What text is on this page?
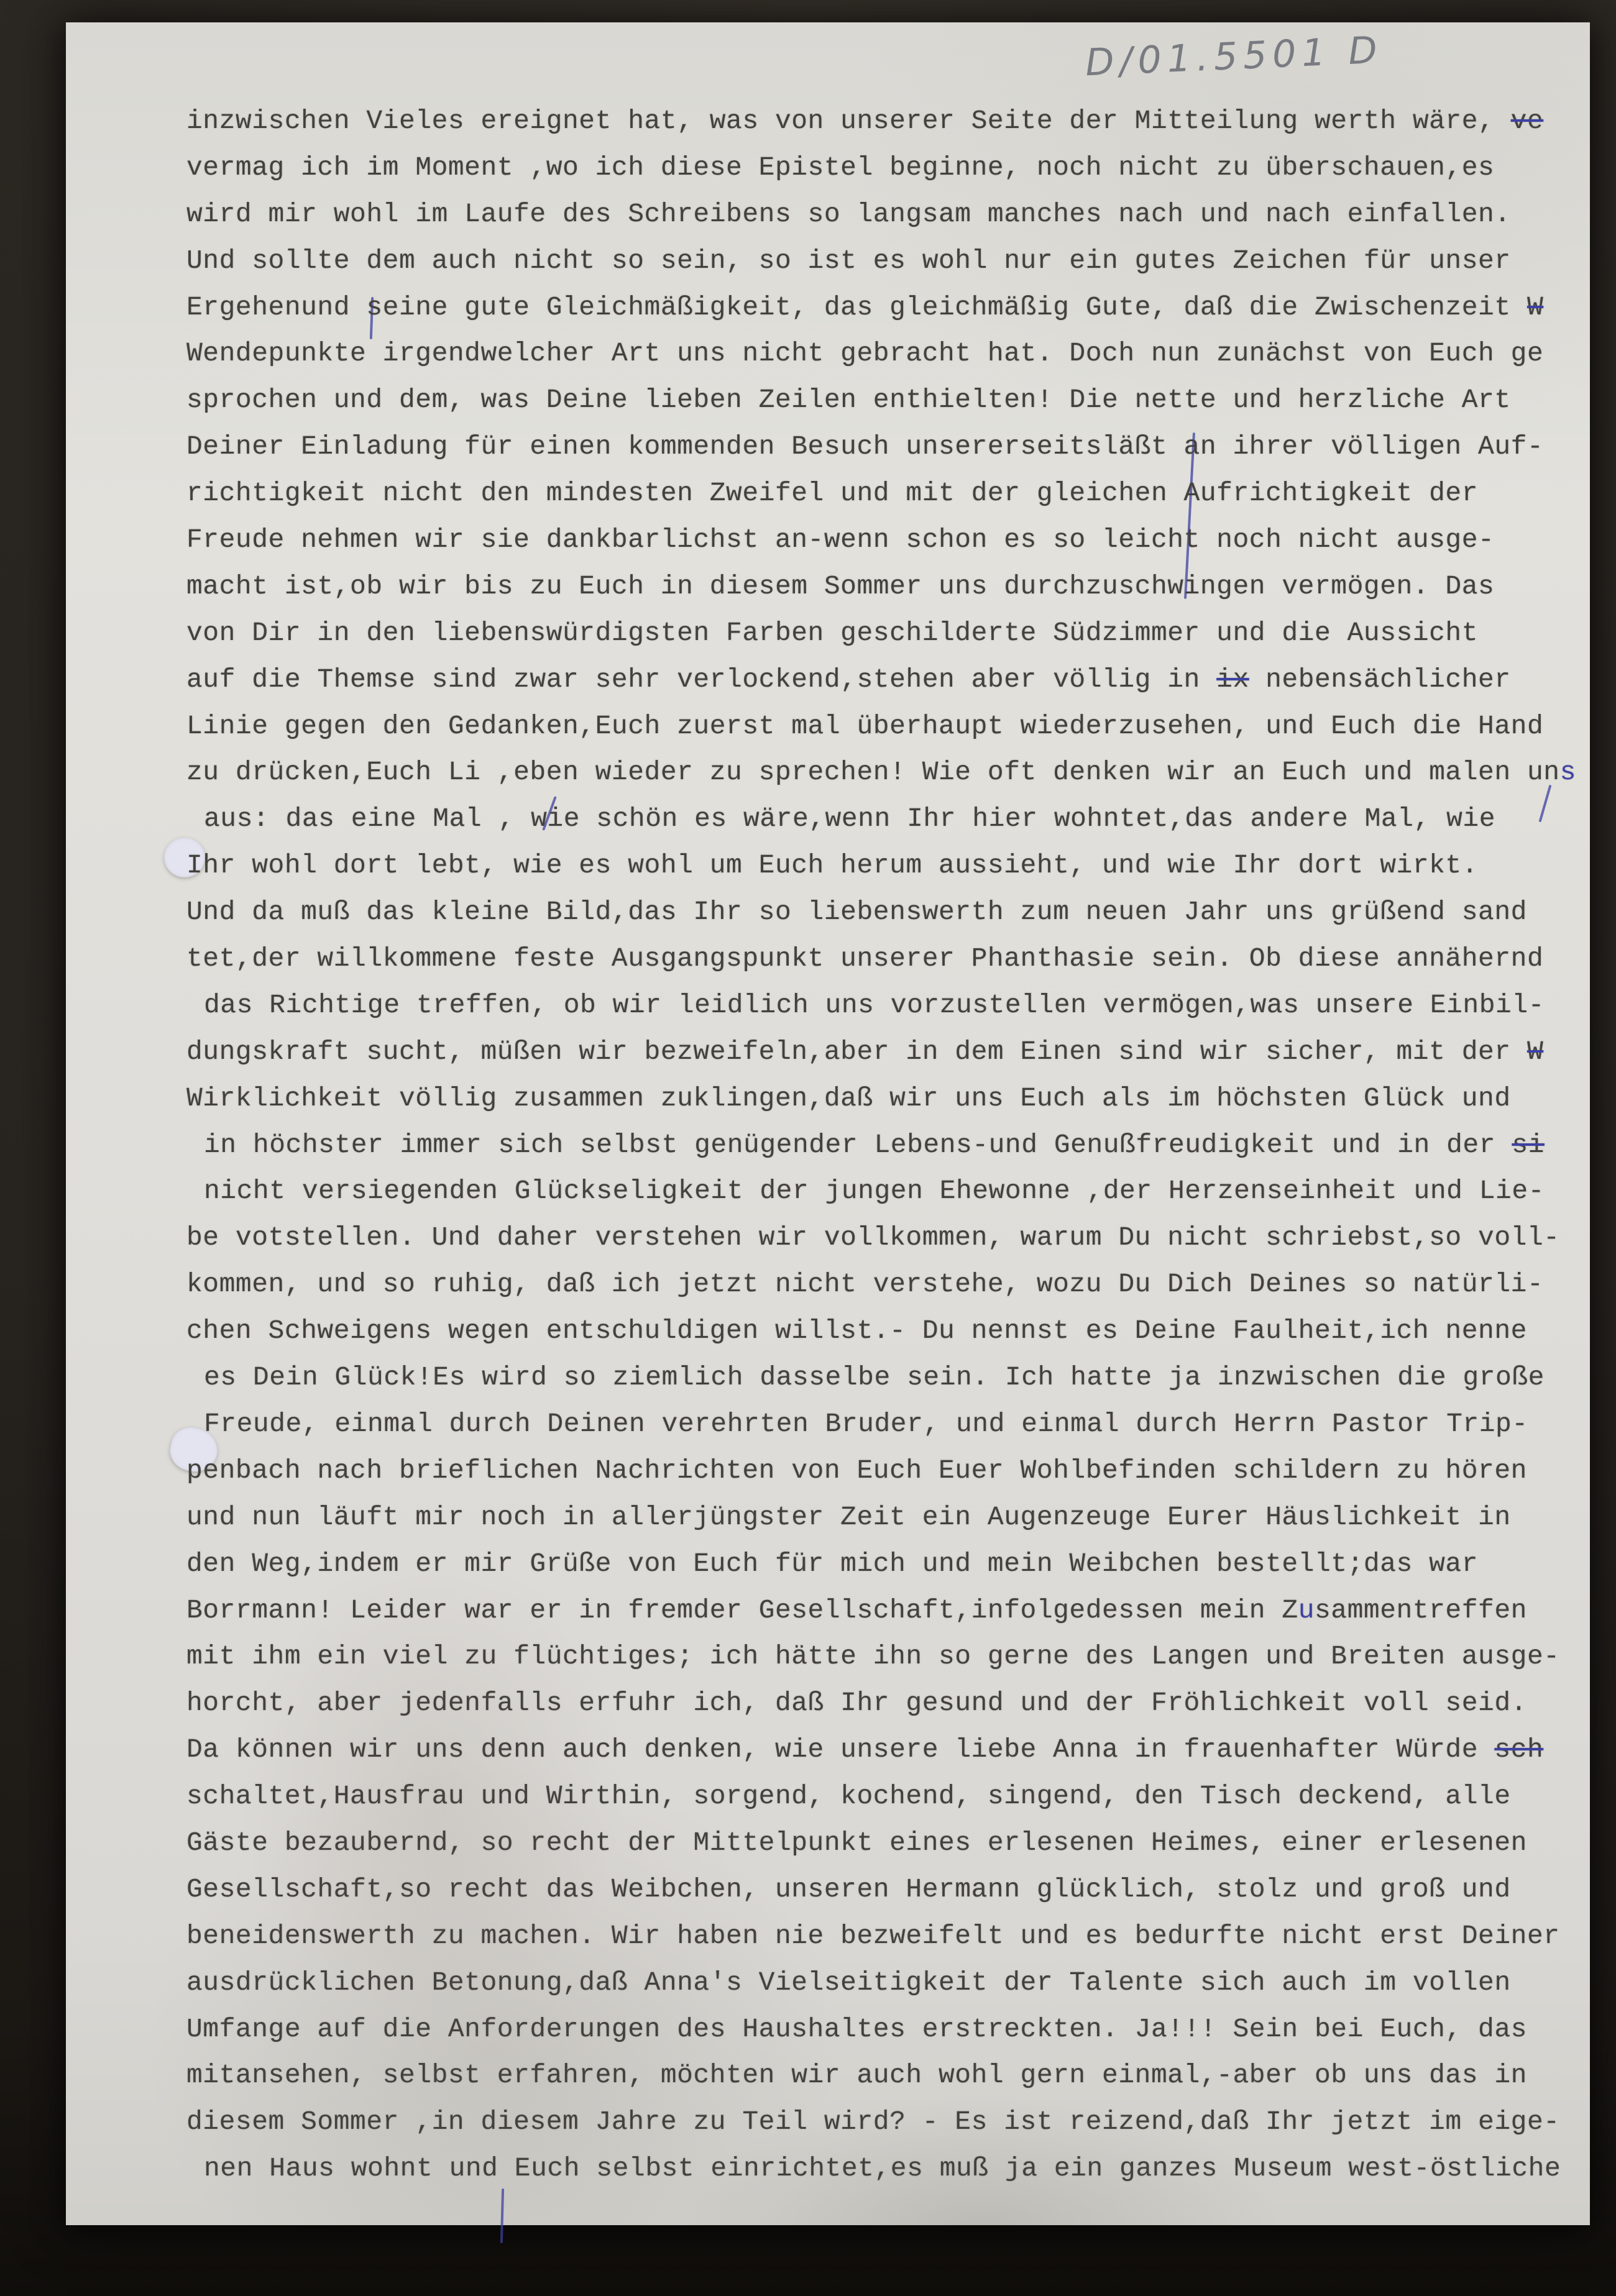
D/01.5501 D
inzwischen Vieles ereignet hat, was von unserer Seite der Mitteilung werth wäre, ve
vermag ich im Moment ,wo ich diese Epistel beginne, noch nicht zu überschauen,es
wird mir wohl im Laufe des Schreibens so langsam manches nach und nach einfallen.
Und sollte dem auch nicht so sein, so ist es wohl nur ein gutes Zeichen für unser
Ergehenund seine gute Gleichmäßigkeit, das gleichmäßig Gute, daß die Zwischenzeit W
Wendepunkte irgendwelcher Art uns nicht gebracht hat. Doch nun zunächst von Euch ge
sprochen und dem, was Deine lieben Zeilen enthielten! Die nette und herzliche Art
Deiner Einladung für einen kommenden Besuch unsererseitsläßt an ihrer völligen Auf-
richtigkeit nicht den mindesten Zweifel und mit der gleichen Aufrichtigkeit der
Freude nehmen wir sie dankbarlichst an-wenn schon es so leicht noch nicht ausge-
macht ist,ob wir bis zu Euch in diesem Sommer uns durchzuschwingen vermögen. Das
von Dir in den liebenswürdigsten Farben geschilderte Südzimmer und die Aussicht
auf die Themse sind zwar sehr verlockend,stehen aber völlig in ix nebensächlicher
Linie gegen den Gedanken,Euch zuerst mal überhaupt wiederzusehen, und Euch die Hand
zu drücken,Euch Li ,eben wieder zu sprechen! Wie oft denken wir an Euch und malen uns
aus: das eine Mal , wie schön es wäre,wenn Ihr hier wohntet,das andere Mal, wie
Ihr wohl dort lebt, wie es wohl um Euch herum aussieht, und wie Ihr dort wirkt.
Und da muß das kleine Bild,das Ihr so liebenswerth zum neuen Jahr uns grüßend sand
tet,der willkommene feste Ausgangspunkt unserer Phanthasie sein. Ob diese annähernd
das Richtige treffen, ob wir leidlich uns vorzustellen vermögen,was unsere Einbil-
dungskraft sucht, müßen wir bezweifeln,aber in dem Einen sind wir sicher, mit der W
Wirklichkeit völlig zusammen zuklingen,daß wir uns Euch als im höchsten Glück und
in höchster immer sich selbst genügender Lebens-und Genußfreudigkeit und in der si
nicht versiegenden Glückseligkeit der jungen Ehewonne ,der Herzenseinheit und Lie-
be votstellen. Und daher verstehen wir vollkommen, warum Du nicht schriebst,so voll-
kommen, und so ruhig, daß ich jetzt nicht verstehe, wozu Du Dich Deines so natürli-
chen Schweigens wegen entschuldigen willst.- Du nennst es Deine Faulheit,ich nenne
es Dein Glück!Es wird so ziemlich dasselbe sein. Ich hatte ja inzwischen die große
Freude, einmal durch Deinen verehrten Bruder, und einmal durch Herrn Pastor Trip-
penbach nach brieflichen Nachrichten von Euch Euer Wohlbefinden schildern zu hören
und nun läuft mir noch in allerjüngster Zeit ein Augenzeuge Eurer Häuslichkeit in
den Weg,indem er mir Grüße von Euch für mich und mein Weibchen bestellt;das war
Borrmann! Leider war er in fremder Gesellschaft,infolgedessen mein Zusammentreffen
mit ihm ein viel zu flüchtiges; ich hätte ihn so gerne des Langen und Breiten ausge-
horcht, aber jedenfalls erfuhr ich, daß Ihr gesund und der Fröhlichkeit voll seid.
Da können wir uns denn auch denken, wie unsere liebe Anna in frauenhafter Würde sch
schaltet,Hausfrau und Wirthin, sorgend, kochend, singend, den Tisch deckend, alle
Gäste bezaubernd, so recht der Mittelpunkt eines erlesenen Heimes, einer erlesenen
Gesellschaft,so recht das Weibchen, unseren Hermann glücklich, stolz und groß und
beneidenswerth zu machen. Wir haben nie bezweifelt und es bedurfte nicht erst Deiner
ausdrücklichen Betonung,daß Anna's Vielseitigkeit der Talente sich auch im vollen
Umfange auf die Anforderungen des Haushaltes erstreckten. Ja!!! Sein bei Euch, das
mitansehen, selbst erfahren, möchten wir auch wohl gern einmal,-aber ob uns das in
diesem Sommer ,in diesem Jahre zu Teil wird? - Es ist reizend,daß Ihr jetzt im eige-
nen Haus wohnt und Euch selbst einrichtet,es muß ja ein ganzes Museum west-östliche
